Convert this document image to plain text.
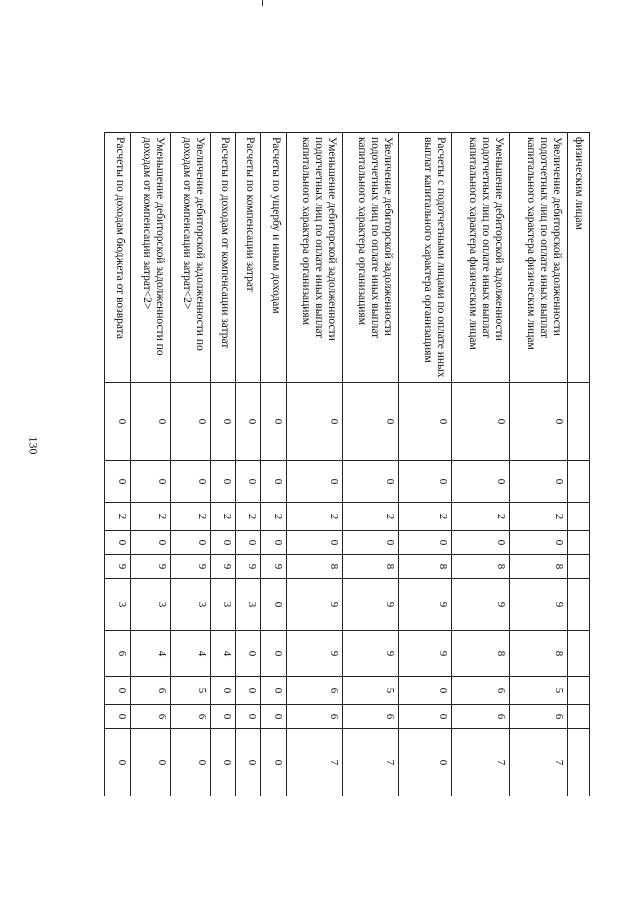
130
физическим лицам										
Увеличение дебиторской задолженности подотчетных лиц по оплате иных выплат капитального характера физическим лицам	0	0	2	0	8	9	8	5	6	7
Уменьшение дебиторской задолженности подотчетных лиц по оплате иных выплат капитального характера физическим лицам	0	0	2	0	8	9	8	6	6	7
Расчеты с подотчетными лицами по оплате иных выплат капитального характера организациям	0	0	2	0	8	9	9	0	0	0
Увеличение дебиторской задолженности подотчетных лиц по оплате иных выплат капитального характера организациям	0	0	2	0	8	9	9	5	6	7
Уменьшение дебиторской задолженности подотчетных лиц по оплате иных выплат капитального характера организациям	0	0	2	0	8	9	9	6	6	7
Расчеты по ущербу и иным доходам	0	0	2	0	9	0	0	0	0	0
Расчеты по компенсации затрат	0	0	2	0	9	3	0	0	0	0
Расчеты по доходам от компенсации затрат	0	0	2	0	9	3	4	0	0	0
Увеличение дебиторской задолженности по доходам от компенсации затрат<2>	0	0	2	0	9	3	4	5	6	0
Уменьшение дебиторской задолженности по доходам от компенсации затрат<2>	0	0	2	0	9	3	4	6	6	0
Расчеты по доходам бюджета от возврата	0	0	2	0	9	3	6	0	0	0
